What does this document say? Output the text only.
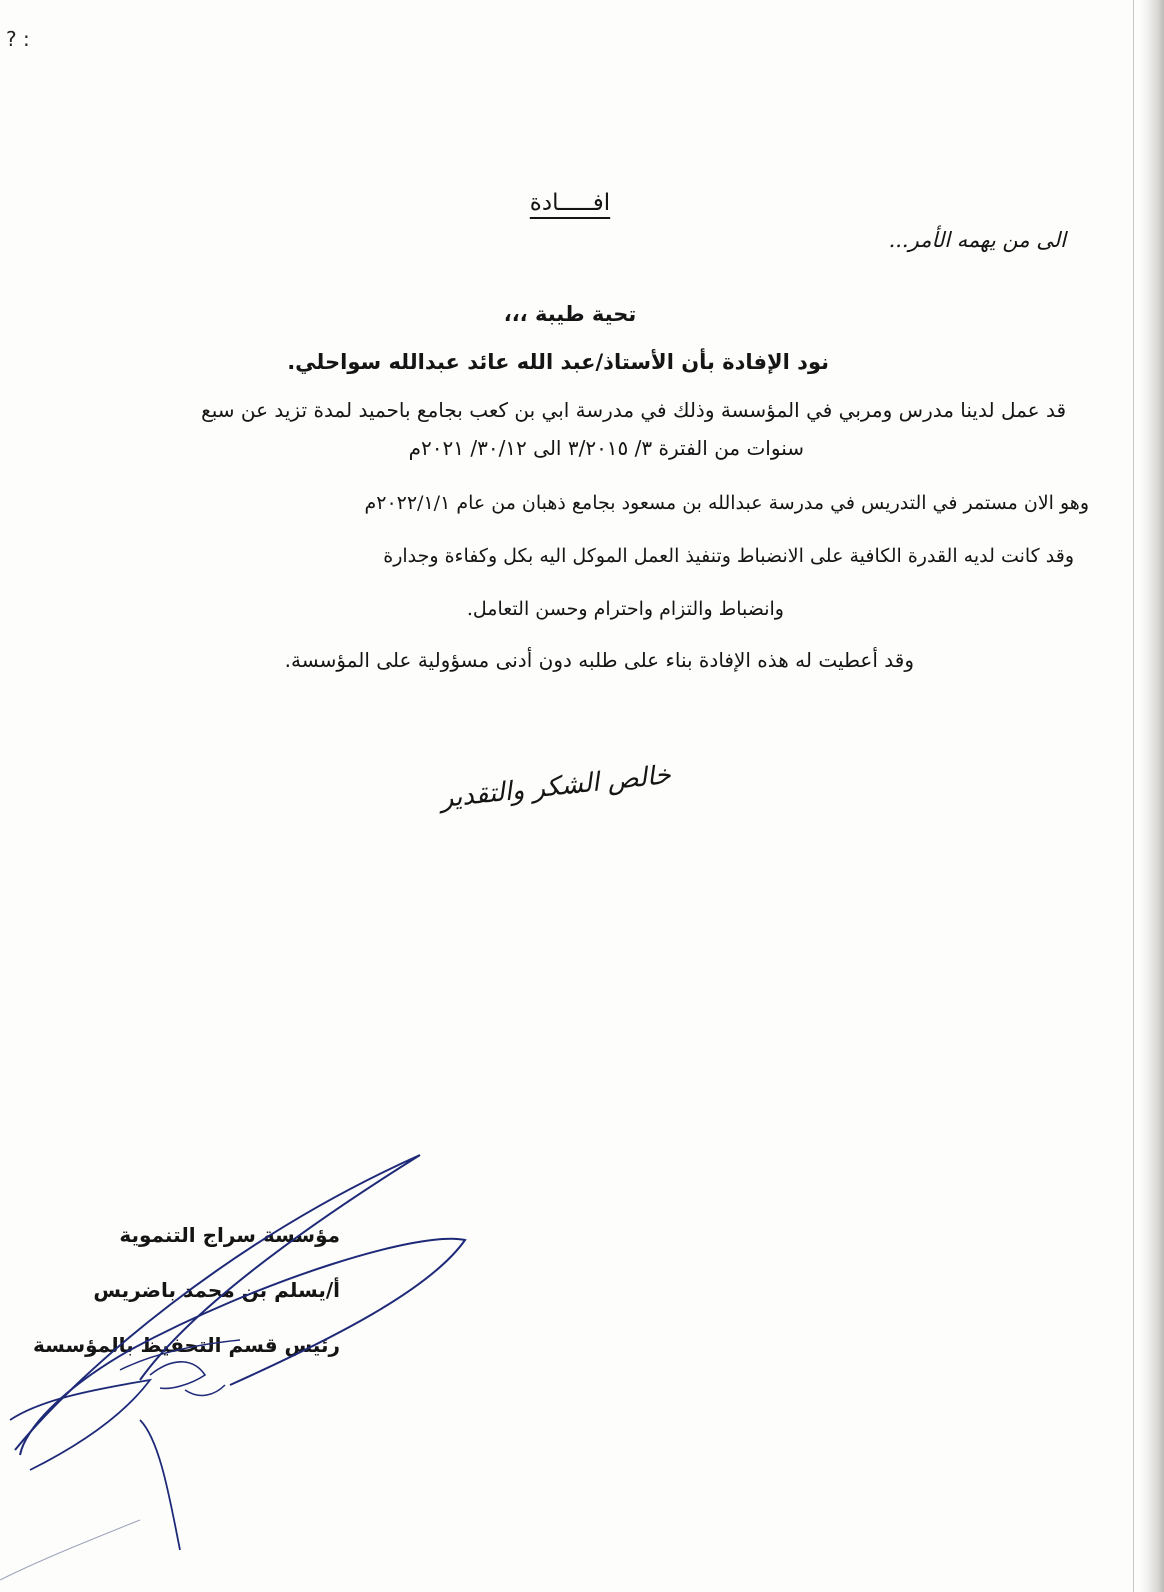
? :
افـــــادة
الى من يهمه الأمر...
تحية طيبة ،،،
نود الإفادة بأن الأستاذ/عبد الله عائد عبدالله سواحلي.
قد عمل لدينا مدرس ومربي في المؤسسة وذلك في مدرسة ابي بن كعب بجامع باحميد لمدة تزيد عن سبع
سنوات من الفترة ٣/ ٣/٢٠١٥ الى ٣٠/١٢/ ٢٠٢١م
وهو الان مستمر في التدريس في مدرسة عبدالله بن مسعود بجامع ذهبان من عام ٢٠٢٢/١/١م
وقد كانت لديه القدرة الكافية على الانضباط وتنفيذ العمل الموكل اليه بكل وكفاءة وجدارة
وانضباط والتزام واحترام وحسن التعامل.
وقد أعطيت له هذه الإفادة بناء على طلبه دون أدنى مسؤولية على المؤسسة.
خالص الشكر والتقدير
مؤسسة سراج التنموية
أ/يسلم بن محمد باضريس
رئيس قسم التحفيظ بالمؤسسة
